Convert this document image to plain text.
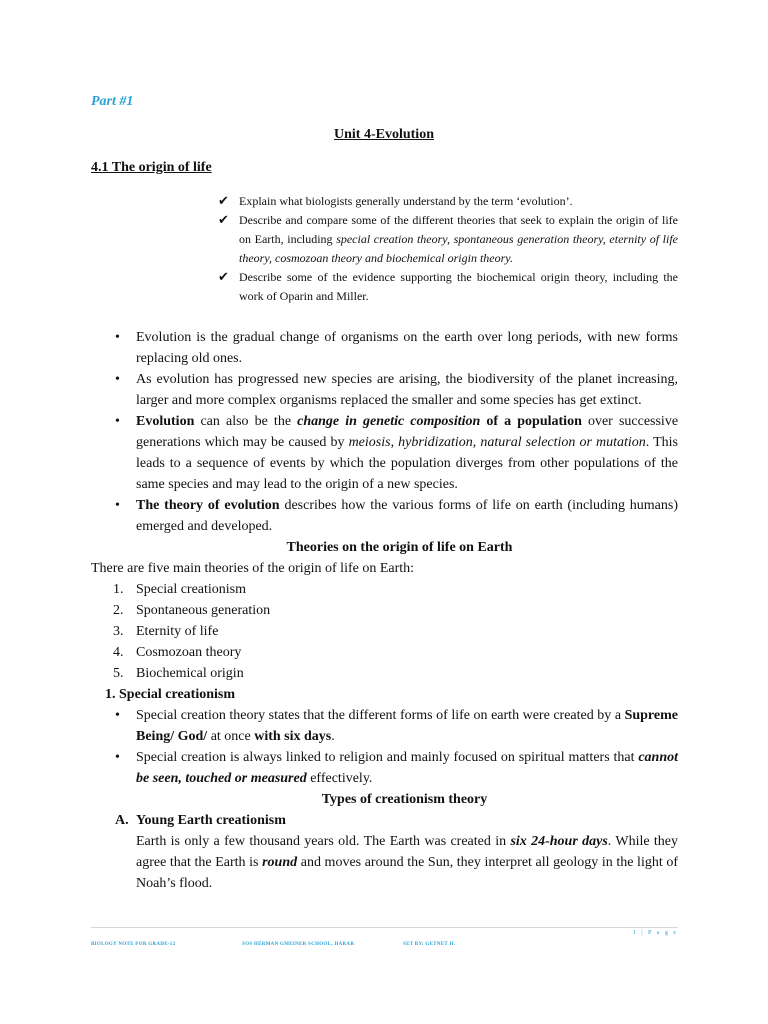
Part #1
Unit 4-Evolution
4.1 The origin of life
✔ Explain what biologists generally understand by the term ‘evolution’.
✔ Describe and compare some of the different theories that seek to explain the origin of life on Earth, including special creation theory, spontaneous generation theory, eternity of life theory, cosmozoan theory and biochemical origin theory.
✔ Describe some of the evidence supporting the biochemical origin theory, including the work of Oparin and Miller.
• Evolution is the gradual change of organisms on the earth over long periods, with new forms replacing old ones.
• As evolution has progressed new species are arising, the biodiversity of the planet increasing, larger and more complex organisms replaced the smaller and some species has get extinct.
• Evolution can also be the change in genetic composition of a population over successive generations which may be caused by meiosis, hybridization, natural selection or mutation. This leads to a sequence of events by which the population diverges from other populations of the same species and may lead to the origin of a new species.
• The theory of evolution describes how the various forms of life on earth (including humans) emerged and developed.
Theories on the origin of life on Earth
There are five main theories of the origin of life on Earth:
1. Special creationism
2. Spontaneous generation
3. Eternity of life
4. Cosmozoan theory
5. Biochemical origin
1. Special creationism
• Special creation theory states that the different forms of life on earth were created by a Supreme Being/ God/ at once with six days.
• Special creation is always linked to religion and mainly focused on spiritual matters that cannot be seen, touched or measured effectively.
Types of creationism theory
A. Young Earth creationism
Earth is only a few thousand years old. The Earth was created in six 24-hour days. While they agree that the Earth is round and moves around the Sun, they interpret all geology in the light of Noah’s flood.
1 | P a g e
BIOLOGY NOTE FOR GRADE-12	SOS HERMAN GMEINER SCHOOL, HARAR	SET BY: GETNET H.
